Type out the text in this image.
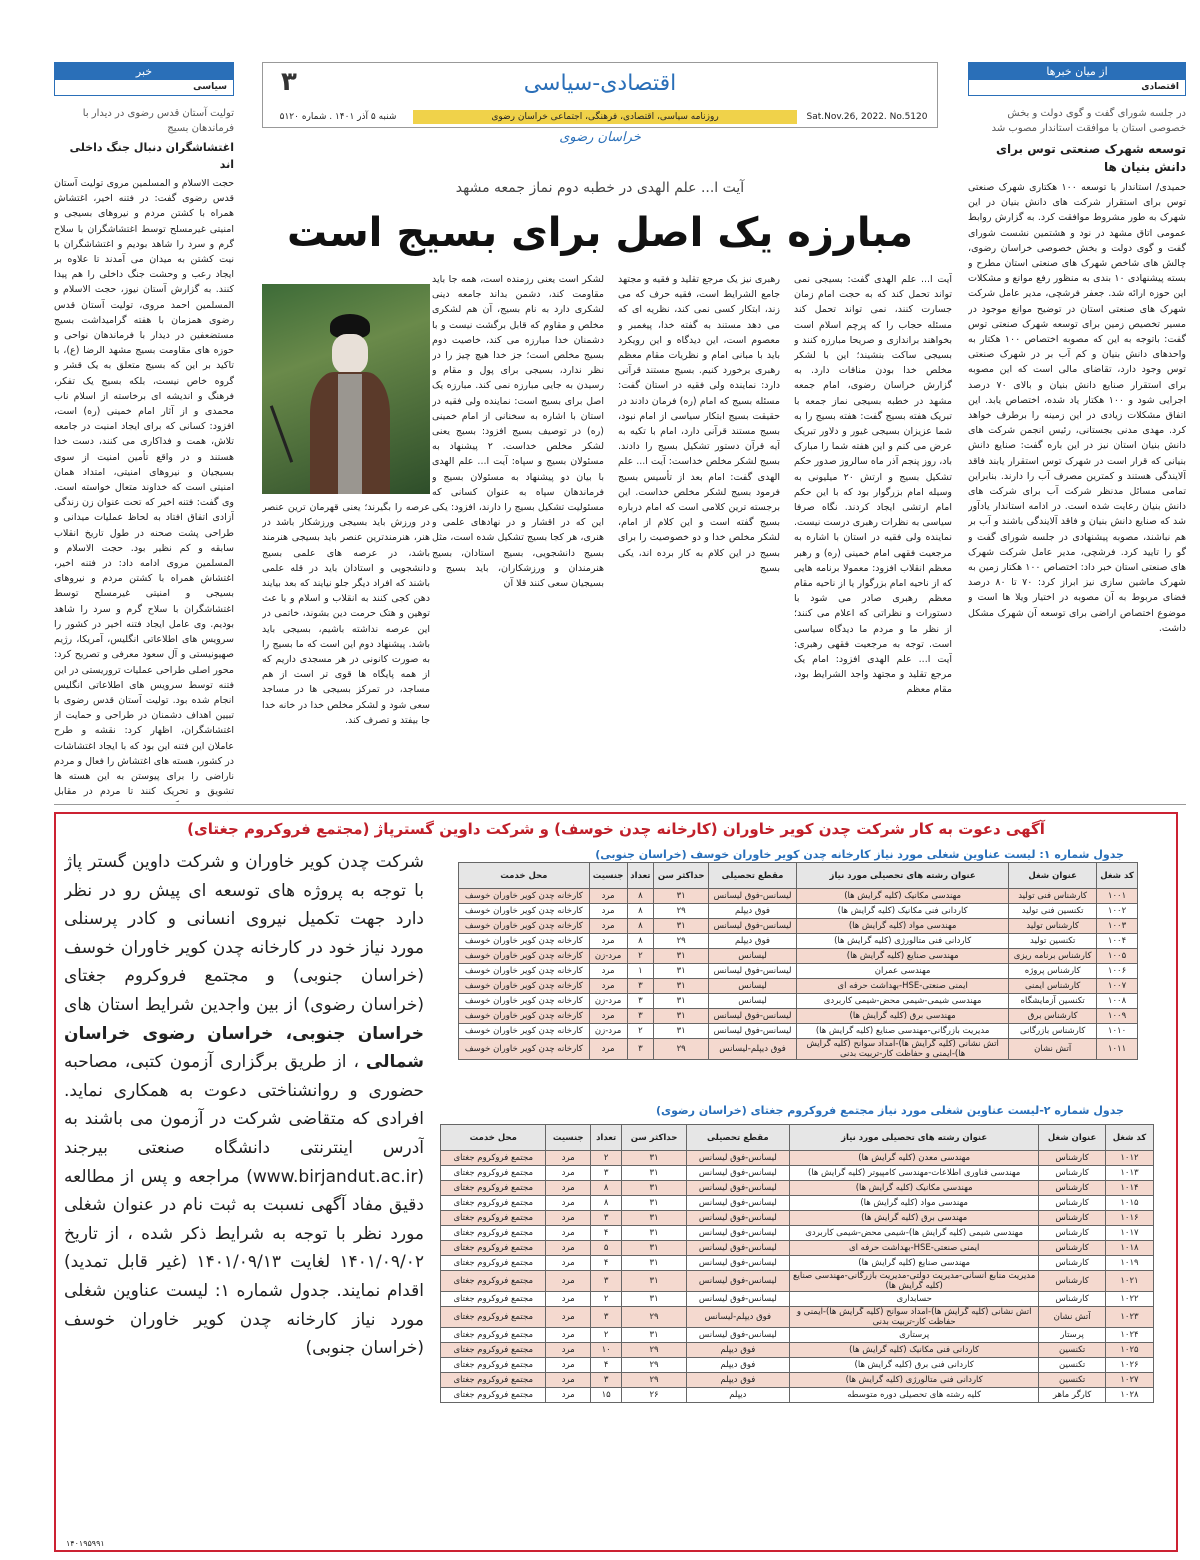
از میان خبرها
اقتصادی
در جلسه شورای گفت و گوی دولت و بخش خصوصی استان با موافقت استاندار مصوب شد
توسعه شهرک صنعتی توس برای دانش بنیان ها
حمیدی/ استاندار با توسعه ۱۰۰ هکتاری شهرک صنعتی توس برای استقرار شرکت های دانش بنیان در این شهرک به طور مشروط موافقت کرد. به گزارش روابط عمومی اتاق مشهد در نود و هشتمین نشست شورای گفت و گوی دولت و بخش خصوصی خراسان رضوی، چالش های شاخص شهرک های صنعتی استان مطرح و بسته پیشنهادی ۱۰ بندی به منظور رفع موانع و مشکلات این حوزه ارائه شد. جعفر فرشچی، مدیر عامل شرکت شهرک های صنعتی استان در توضیح موانع موجود در مسیر تخصیص زمین برای توسعه شهرک صنعتی توس گفت: باتوجه به این که مصوبه اختصاص ۱۰۰ هکتار به واحدهای دانش بنیان و کم آب بر در شهرک صنعتی توس وجود دارد، تقاضای مالی است که این مصوبه برای استقرار صنایع دانش بنیان و بالای ۷۰ درصد اجرایی شود و ۱۰۰ هکتار یاد شده، اختصاص یابد. این اتفاق مشکلات زیادی در این زمینه را برطرف خواهد کرد. مهدی مدنی بجستانی، رئیس انجمن شرکت های دانش بنیان استان نیز در این باره گفت: صنایع دانش بنیانی که قرار است در شهرک توس استقرار یابند فاقد آلایندگی هستند و کمترین مصرف آب را دارند. بنابراین تمامی مسائل مدنظر شرکت آب برای شرکت های دانش بنیان رعایت شده است. در ادامه استاندار یادآور شد که صنایع دانش بنیان و فاقد آلایندگی باشند و آب بر هم نباشند، مصوبه پیشنهادی در جلسه شورای گفت و گو را تایید کرد. فرشچی، مدیر عامل شرکت شهرک های صنعتی استان خبر داد: اختصاص ۱۰۰ هکتار زمین به شهرک ماشین سازی نیز ابراز کرد: ۷۰ تا ۸۰ درصد فضای مربوط به آن مصوبه در اختیار ویلا ها است و موضوع اختصاص اراضی برای توسعه آن شهرک مشکل داشت.
خبر
سیاسی
تولیت آستان قدس رضوی در دیدار با فرماندهان بسیج
اغتشاشگران دنبال جنگ داخلی اند
حجت الاسلام و المسلمین مروی تولیت آستان قدس رضوی گفت: در فتنه اخیر، اغتشاش همراه با کشتن مردم و نیروهای بسیجی و امنیتی غیرمسلح توسط اغتشاشگران با سلاح گرم و سرد را شاهد بودیم و اغتشاشگران با نیت کشتن به میدان می آمدند تا علاوه بر ایجاد رعب و وحشت جنگ داخلی را هم پیدا کنند. به گزارش آستان نیوز، حجت الاسلام و المسلمین احمد مروی، تولیت آستان قدس رضوی همزمان با هفته گرامیداشت بسیج مستضعفین در دیدار با فرماندهان نواحی و حوزه های مقاومت بسیج مشهد الرضا (ع)، با تاکید بر این که بسیج متعلق به یک قشر و گروه خاص نیست، بلکه بسیج یک تفکر، فرهنگ و اندیشه ای برخاسته از اسلام ناب محمدی و از آثار امام خمینی (ره) است، افزود: کسانی که برای ایجاد امنیت در جامعه تلاش، همت و فداکاری می کنند، دست خدا هستند و در واقع تأمین امنیت از سوی بسیجیان و نیروهای امنیتی، امتداد همان امنیتی است که خداوند متعال خواسته است. وی گفت: فتنه اخیر که تحت عنوان زن زندگی آزادی اتفاق افتاد به لحاظ عملیات میدانی و طراحی پشت صحنه در طول تاریخ انقلاب سابقه و کم نظیر بود. حجت الاسلام و المسلمین مروی ادامه داد: در فتنه اخیر، اغتشاش همراه با کشتن مردم و نیروهای بسیجی و امنیتی غیرمسلح توسط اغتشاشگران با سلاح گرم و سرد را شاهد بودیم. وی عامل ایجاد فتنه اخیر در کشور را سرویس های اطلاعاتی انگلیس، آمریکا، رژیم صهیونیستی و آل سعود معرفی و تصریح کرد: محور اصلی طراحی عملیات تروریستی در این فتنه توسط سرویس های اطلاعاتی انگلیس انجام شده بود. تولیت آستان قدس رضوی با تبیین اهداف دشمنان در طراحی و حمایت از اغتشاشگران، اظهار کرد: نقشه و طرح عاملان این فتنه این بود که با ایجاد اغتشاشات در کشور، هسته های اغتشاش را فعال و مردم ناراضی را برای پیوستن به این هسته ها تشویق و تحریک کنند تا مردم در مقابل
۳	اقتصادی-سیاسی
Sat.Nov.26, 2022. No.5120
روزنامه سیاسی، اقتصادی، فرهنگی، اجتماعی خراسان رضوی
شنبه ۵ آذر ۱۴۰۱ . شماره ۵۱۲۰
خراسان رضوی
آیت ا... علم الهدی در خطبه دوم نماز جمعه مشهد
مبارزه یک اصل برای بسیج است
آیت ا... علم الهدی گفت: بسیجی نمی تواند تحمل کند که به حجت امام زمان جسارت کنند، نمی تواند تحمل کند مسئله حجاب را که پرچم اسلام است بخواهند براندازی و صریحا مبارزه کنند و بسیجی ساکت بنشیند؛ این با لشکر مخلص خدا بودن منافات دارد. به گزارش خراسان رضوی، امام جمعه مشهد در خطبه بسیجی نماز جمعه با تبریک هفته بسیج گفت: هفته بسیج را به شما عزیزان بسیجی غیور و دلاور تبریک عرض می کنم و این هفته شما را مبارک باد، روز پنجم آذر ماه سالروز صدور حکم تشکیل بسیج و ارتش ۲۰ میلیونی به وسیله امام بزرگوار بود که با این حکم امام ارتشی ایجاد کردند. نگاه صرفا سیاسی به نظرات رهبری درست نیست. نماینده ولی فقیه در استان با اشاره به مرجعیت فقهی امام خمینی (ره) و رهبر معظم انقلاب افزود: معمولا برنامه هایی که از ناحیه امام بزرگوار یا از ناحیه مقام معظم رهبری صادر می شود با دستورات و نظراتی که اعلام می کنند؛ از نظر ما و مردم ما دیدگاه سیاسی است. توجه به مرجعیت فقهی رهبری: آیت ا... علم الهدی افزود: امام یک مرجع تقلید و مجتهد واجد الشرایط بود، مقام معظم
رهبری نیز یک مرجع تقلید و فقیه و مجتهد جامع الشرایط است، فقیه حرف که می زند، ابتکار کسی نمی کند، نظریه ای که می دهد مستند به گفته خدا، پیغمبر و معصوم است، این دیدگاه و این رویکرد باید با مبانی امام و نظریات مقام معظم رهبری برخورد کنیم. بسیج مستند قرآنی دارد: نماینده ولی فقیه در استان گفت: مسئله بسیج که امام (ره) فرمان دادند در حقیقت بسیج ابتکار سیاسی از امام نبود، بسیج مستند قرآنی دارد، امام با تکیه به آیه قرآن دستور تشکیل بسیج را دادند. بسیج لشکر مخلص خداست: آیت ا... علم الهدی گفت: امام بعد از تأسیس بسیج فرمود بسیج لشکر مخلص خداست. این برجسته ترین کلامی است که امام درباره بسیج گفته است و این کلام از امام، لشکر مخلص خدا و دو خصوصیت را برای بسیج در این کلام به کار برده اند، یکی بسیج
لشکر است یعنی رزمنده است، همه جا باید مقاومت کند، دشمن بداند جامعه دینی لشکری دارد به نام بسیج، آن هم لشکری مخلص و مقاوم که قابل برگشت نیست و با دشمنان خدا مبارزه می کند، خاصیت دوم بسیج مخلص است؛ جز خدا هیچ چیز را در نظر ندارد، بسیجی برای پول و مقام و رسیدن به جایی مبارزه نمی کند. مبارزه یک اصل برای بسیج است: نماینده ولی فقیه در استان با اشاره به سخنانی از امام خمینی (ره) در توصیف بسیج افزود: بسیج یعنی لشکر مخلص خداست. ۲ پیشنهاد به مسئولان بسیج و سپاه: آیت ا... علم الهدی با بیان دو پیشنهاد به مسئولان بسیج و فرماندهان سپاه به عنوان کسانی که مسئولیت تشکیل بسیج را دارند، افزود: یکی این که در اقشار و در نهادهای علمی و هنری، هر کجا بسیج تشکیل شده است، مثل بسیج دانشجویی، بسیج استادان، بسیج هنرمندان و ورزشکاران، باید بسیج و بسیجیان سعی کنند قلا آن
عرصه را بگیرند؛ یعنی قهرمان ترین عنصر در ورزش باید بسیجی ورزشکار باشد در هنر، هنرمندترین عنصر باید بسیجی هنرمند باشد، در عرصه های علمی بسیج دانشجویی و استادان باید در قله علمی باشند که افراد دیگر جلو نیایند که بعد بیایند دهن کجی کنند به انقلاب و اسلام و با عث توهین و هتک حرمت دین بشوند، خاتمی در این عرصه نداشته باشیم، بسیجی باید باشد. پیشنهاد دوم این است که ما بسیج را به صورت کانونی در هر مسجدی داریم که از همه پایگاه ها قوی تر است از هم مساجد، در تمرکز بسیجی ها در مساجد سعی شود و لشکر مخلص خدا در خانه خدا جا بیفتد و تصرف کند.
آگهی دعوت به کار شرکت چدن کویر خاوران (کارخانه چدن خوسف) و شرکت داوین گسترپاژ (مجتمع فروکروم جغتای)
شرکت چدن کویر خاوران و شرکت داوین گستر پاژ با توجه به پروژه های توسعه ای پیش رو در نظر دارد جهت تکمیل نیروی انسانی و کادر پرسنلی مورد نیاز خود در کارخانه چدن کویر خاوران خوسف (خراسان جنوبی) و مجتمع فروکروم جغتای (خراسان رضوی) از بین واجدین شرایط استان های خراسان جنوبی، خراسان رضوی خراسان شمالی ، از طریق برگزاری آزمون کتبی، مصاحبه حضوری و روانشناختی دعوت به همکاری نماید. افرادی که متقاضی شرکت در آزمون می باشند به آدرس اینترنتی دانشگاه صنعتی بیرجند (www.birjandut.ac.ir) مراجعه و پس از مطالعه دقیق مفاد آگهی نسبت به ثبت نام در عنوان شغلی مورد نظر با توجه به شرایط ذکر شده ، از تاریخ ۱۴۰۱/۰۹/۰۲ لغایت ۱۴۰۱/۰۹/۱۳ (غیر قابل تمدید) اقدام نمایند. جدول شماره ۱: لیست عناوین شغلی مورد نیاز کارخانه چدن کویر خاوران خوسف (خراسان جنوبی)
۱۴۰۱۹۵۹۹۱
جدول شماره ۱: لیست عناوین شغلی مورد نیاز کارخانه چدن کویر خاوران خوسف (خراسان جنوبی)
کد شغل	عنوان شغل	عنوان رشته های تحصیلی مورد نیاز	مقطع تحصیلی	حداکثر سن	تعداد	جنسیت	محل خدمت
۱۰۰۱	کارشناس فنی تولید	مهندسی مکانیک (کلیه گرایش ها)	لیسانس-فوق لیسانس	۳۱	۸	مرد	کارخانه چدن کویر خاوران خوسف
۱۰۰۲	تکنسین فنی تولید	کاردانی فنی مکانیک (کلیه گرایش ها)	فوق دیپلم	۲۹	۸	مرد	کارخانه چدن کویر خاوران خوسف
۱۰۰۳	کارشناس تولید	مهندسی مواد (کلیه گرایش ها)	لیسانس-فوق لیسانس	۳۱	۸	مرد	کارخانه چدن کویر خاوران خوسف
۱۰۰۴	تکنسین تولید	کاردانی فنی متالورژی (کلیه گرایش ها)	فوق دیپلم	۲۹	۸	مرد	کارخانه چدن کویر خاوران خوسف
۱۰۰۵	کارشناس برنامه ریزی	مهندسی صنایع (کلیه گرایش ها)	لیسانس	۳۱	۲	مرد-زن	کارخانه چدن کویر خاوران خوسف
۱۰۰۶	کارشناس پروژه	مهندسی عمران	لیسانس-فوق لیسانس	۳۱	۱	مرد	کارخانه چدن کویر خاوران خوسف
۱۰۰۷	کارشناس ایمنی	ایمنی صنعتی-HSE-بهداشت حرفه ای	لیسانس	۳۱	۳	مرد	کارخانه چدن کویر خاوران خوسف
۱۰۰۸	تکنسین آزمایشگاه	مهندسی شیمی-شیمی محض-شیمی کاربردی	لیسانس	۳۱	۳	مرد-زن	کارخانه چدن کویر خاوران خوسف
۱۰۰۹	کارشناس برق	مهندسی برق (کلیه گرایش ها)	لیسانس-فوق لیسانس	۳۱	۳	مرد	کارخانه چدن کویر خاوران خوسف
۱۰۱۰	کارشناس بازرگانی	مدیریت بازرگانی-مهندسی صنایع (کلیه گرایش ها)	لیسانس-فوق لیسانس	۳۱	۲	مرد-زن	کارخانه چدن کویر خاوران خوسف
۱۰۱۱	آتش نشان	آتش نشانی (کلیه گرایش ها)-امداد سوانح (کلیه گرایش ها)-ایمنی و حفاظت کار-تربیت بدنی	فوق دیپلم-لیسانس	۲۹	۳	مرد	کارخانه چدن کویر خاوران خوسف
جدول شماره ۲-لیست عناوین شغلی مورد نیاز مجتمع فروکروم جغتای (خراسان رضوی)
کد شغل	عنوان شغل	عنوان رشته های تحصیلی مورد نیاز	مقطع تحصیلی	حداکثر سن	تعداد	جنسیت	محل خدمت
۱۰۱۲	کارشناس	مهندسی معدن (کلیه گرایش ها)	لیسانس-فوق لیسانس	۳۱	۲	مرد	مجتمع فروکروم جغتای
۱۰۱۳	کارشناس	مهندسی فناوری اطلاعات-مهندسی کامپیوتر (کلیه گرایش ها)	لیسانس-فوق لیسانس	۳۱	۳	مرد	مجتمع فروکروم جغتای
۱۰۱۴	کارشناس	مهندسی مکانیک (کلیه گرایش ها)	لیسانس-فوق لیسانس	۳۱	۸	مرد	مجتمع فروکروم جغتای
۱۰۱۵	کارشناس	مهندسی مواد (کلیه گرایش ها)	لیسانس-فوق لیسانس	۳۱	۸	مرد	مجتمع فروکروم جغتای
۱۰۱۶	کارشناس	مهندسی برق (کلیه گرایش ها)	لیسانس-فوق لیسانس	۳۱	۳	مرد	مجتمع فروکروم جغتای
۱۰۱۷	کارشناس	مهندسی شیمی (کلیه گرایش ها)-شیمی محض-شیمی کاربردی	لیسانس-فوق لیسانس	۳۱	۴	مرد	مجتمع فروکروم جغتای
۱۰۱۸	کارشناس	ایمنی صنعتی-HSE-بهداشت حرفه ای	لیسانس-فوق لیسانس	۳۱	۵	مرد	مجتمع فروکروم جغتای
۱۰۱۹	کارشناس	مهندسی صنایع (کلیه گرایش ها)	لیسانس-فوق لیسانس	۳۱	۴	مرد	مجتمع فروکروم جغتای
۱۰۲۱	کارشناس	مدیریت منابع انسانی-مدیریت دولتی-مدیریت بازرگانی-مهندسی صنایع (کلیه گرایش ها)	لیسانس-فوق لیسانس	۳۱	۳	مرد	مجتمع فروکروم جغتای
۱۰۲۲	کارشناس	حسابداری	لیسانس-فوق لیسانس	۳۱	۲	مرد	مجتمع فروکروم جغتای
۱۰۲۳	آتش نشان	آتش نشانی (کلیه گرایش ها)-امداد سوانح (کلیه گرایش ها)-ایمنی و حفاظت کار-تربیت بدنی	فوق دیپلم-لیسانس	۲۹	۳	مرد	مجتمع فروکروم جغتای
۱۰۲۴	پرستار	پرستاری	لیسانس-فوق لیسانس	۳۱	۲	مرد	مجتمع فروکروم جغتای
۱۰۲۵	تکنسین	کاردانی فنی مکانیک (کلیه گرایش ها)	فوق دیپلم	۲۹	۱۰	مرد	مجتمع فروکروم جغتای
۱۰۲۶	تکنسین	کاردانی فنی برق (کلیه گرایش ها)	فوق دیپلم	۲۹	۴	مرد	مجتمع فروکروم جغتای
۱۰۲۷	تکنسین	کاردانی فنی متالورژی (کلیه گرایش ها)	فوق دیپلم	۲۹	۳	مرد	مجتمع فروکروم جغتای
۱۰۲۸	کارگر ماهر	کلیه رشته های تحصیلی دوره متوسطه	دیپلم	۲۶	۱۵	مرد	مجتمع فروکروم جغتای
